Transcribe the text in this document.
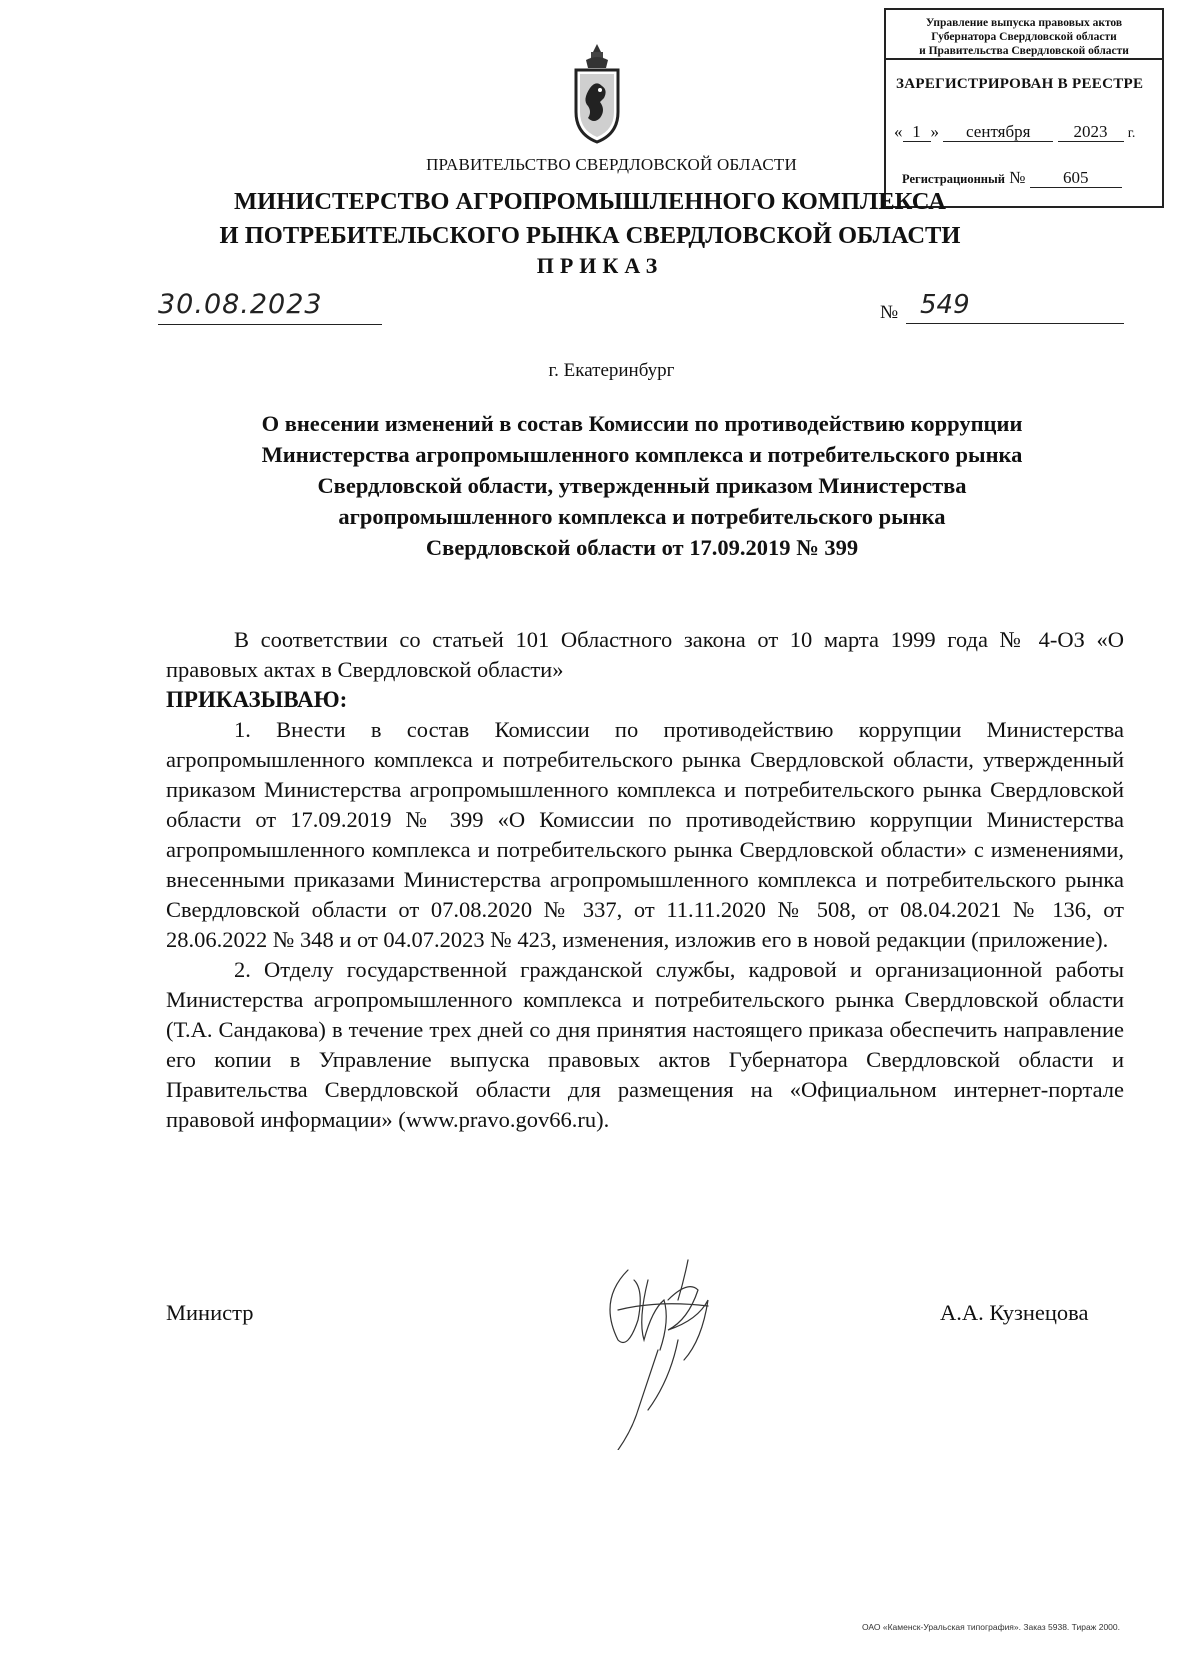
Управление выпуска правовых актов
Губернатора Свердловской области
и Правительства Свердловской области
ЗАРЕГИСТРИРОВАН В РЕЕСТРЕ
« 1 » сентября	2023 г.
Регистрационный № 605
ПРАВИТЕЛЬСТВО СВЕРДЛОВСКОЙ ОБЛАСТИ
МИНИСТЕРСТВО АГРОПРОМЫШЛЕННОГО КОМПЛЕКСА
И ПОТРЕБИТЕЛЬСКОГО РЫНКА СВЕРДЛОВСКОЙ ОБЛАСТИ
ПРИКАЗ
30.08.2023	№ 549
г. Екатеринбург
О внесении изменений в состав Комиссии по противодействию коррупции
Министерства агропромышленного комплекса и потребительского рынка
Свердловской области, утвержденный приказом Министерства
агропромышленного комплекса и потребительского рынка
Свердловской области от 17.09.2019 № 399

В соответствии со статьей 101 Областного закона от 10 марта 1999 года № 4-ОЗ «О правовых актах в Свердловской области»

ПРИКАЗЫВАЮ:

1. Внести в состав Комиссии по противодействию коррупции Министерства агропромышленного комплекса и потребительского рынка Свердловской области, утвержденный приказом Министерства агропромышленного комплекса и потребительского рынка Свердловской области от 17.09.2019 № 399 «О Комиссии по противодействию коррупции Министерства агропромышленного комплекса и потребительского рынка Свердловской области» с изменениями, внесенными приказами Министерства агропромышленного комплекса и потребительского рынка Свердловской области от 07.08.2020 № 337, от 11.11.2020 № 508, от 08.04.2021 № 136, от 28.06.2022 № 348 и от 04.07.2023 № 423, изменения, изложив его в новой редакции (приложение).

2. Отделу государственной гражданской службы, кадровой и организационной работы Министерства агропромышленного комплекса и потребительского рынка Свердловской области (Т.А. Сандакова) в течение трех дней со дня принятия настоящего приказа обеспечить направление его копии в Управление выпуска правовых актов Губернатора Свердловской области и Правительства Свердловской области для размещения на «Официальном интернет-портале правовой информации» (www.pravo.gov66.ru).

Министр	А.А. Кузнецова
ОАО «Каменск-Уральская типография». Заказ 5938. Тираж 2000.
